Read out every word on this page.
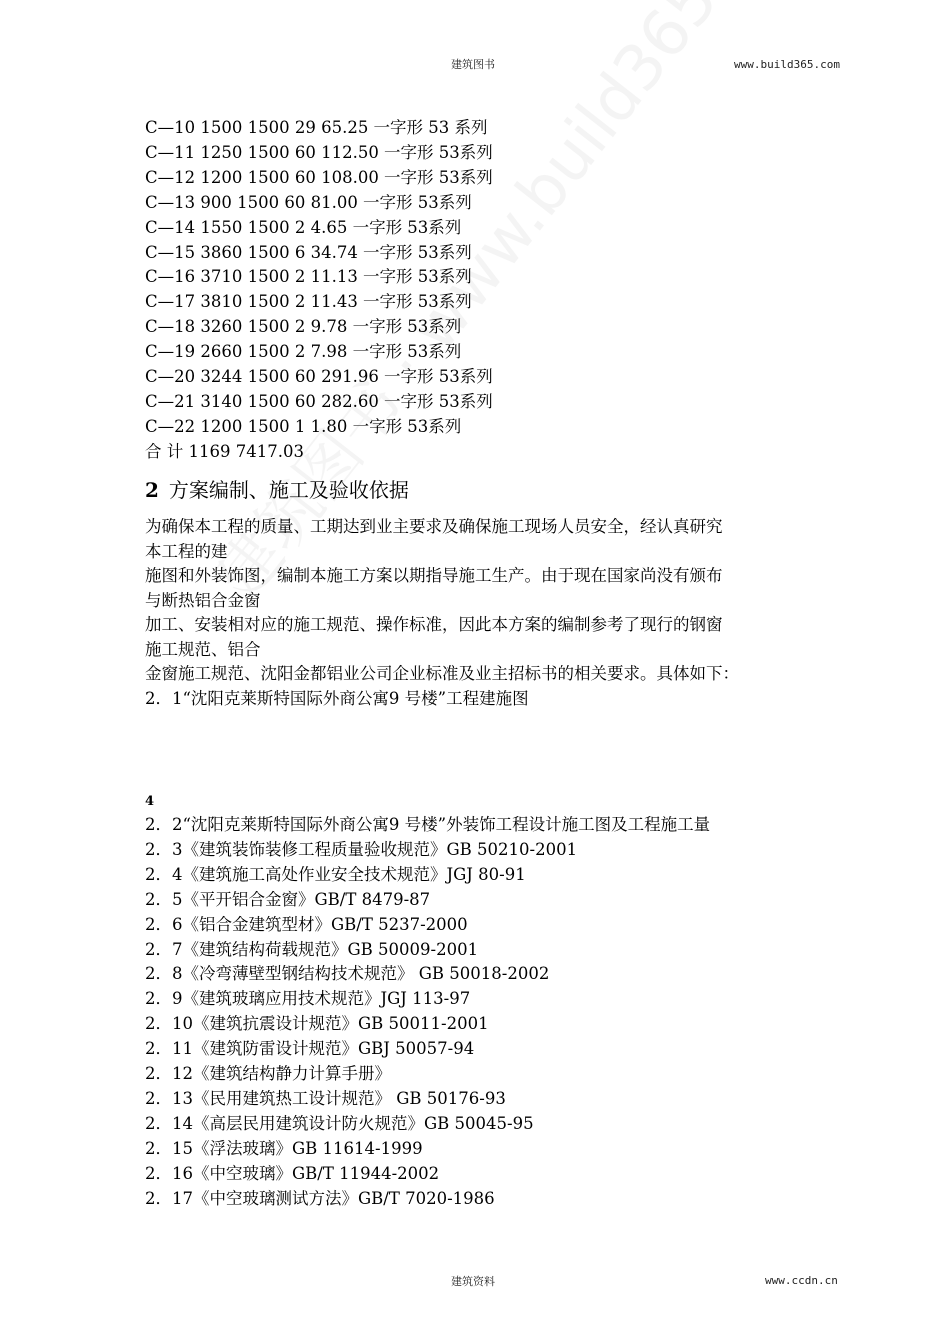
建筑图书	www.build365.com
C—10 1500 1500 29 65.25 一字形 53 系列
C—11 1250 1500 60 112.50 一字形 53系列
C—12 1200 1500 60 108.00 一字形 53系列
C—13 900 1500 60 81.00 一字形 53系列
C—14 1550 1500 2 4.65 一字形 53系列
C—15 3860 1500 6 34.74 一字形 53系列
C—16 3710 1500 2 11.13 一字形 53系列
C—17 3810 1500 2 11.43 一字形 53系列
C—18 3260 1500 2 9.78 一字形 53系列
C—19 2660 1500 2 7.98 一字形 53系列
C—20 3244 1500 60 291.96 一字形 53系列
C—21 3140 1500 60 282.60 一字形 53系列
C—22 1200 1500 1 1.80 一字形 53系列
合 计 1169 7417.03
2 方案编制、施工及验收依据
为确保本工程的质量、工期达到业主要求及确保施工现场人员安全，经认真研究
本工程的建
施图和外装饰图，编制本施工方案以期指导施工生产。由于现在国家尚没有颁布
与断热铝合金窗
加工、安装相对应的施工规范、操作标准，因此本方案的编制参考了现行的钢窗
施工规范、铝合
金窗施工规范、沈阳金都铝业公司企业标准及业主招标书的相关要求。具体如下：
2．1“沈阳克莱斯特国际外商公寓9 号楼”工程建施图
4
2．2“沈阳克莱斯特国际外商公寓9 号楼”外装饰工程设计施工图及工程施工量
2．3《建筑装饰装修工程质量验收规范》GB 50210-2001
2．4《建筑施工高处作业安全技术规范》JGJ 80-91
2．5《平开铝合金窗》GB/T 8479-87
2．6《铝合金建筑型材》GB/T 5237-2000
2．7《建筑结构荷载规范》GB 50009-2001
2．8《冷弯薄壁型钢结构技术规范》 GB 50018-2002
2．9《建筑玻璃应用技术规范》JGJ 113-97
2．10《建筑抗震设计规范》GB 50011-2001
2．11《建筑防雷设计规范》GBJ 50057-94
2．12《建筑结构静力计算手册》
2．13《民用建筑热工设计规范》 GB 50176-93
2．14《高层民用建筑设计防火规范》GB 50045-95
2．15《浮法玻璃》GB 11614-1999
2．16《中空玻璃》GB/T 11944-2002
2．17《中空玻璃测试方法》GB/T 7020-1986
建筑资料	www.ccdn.cn
